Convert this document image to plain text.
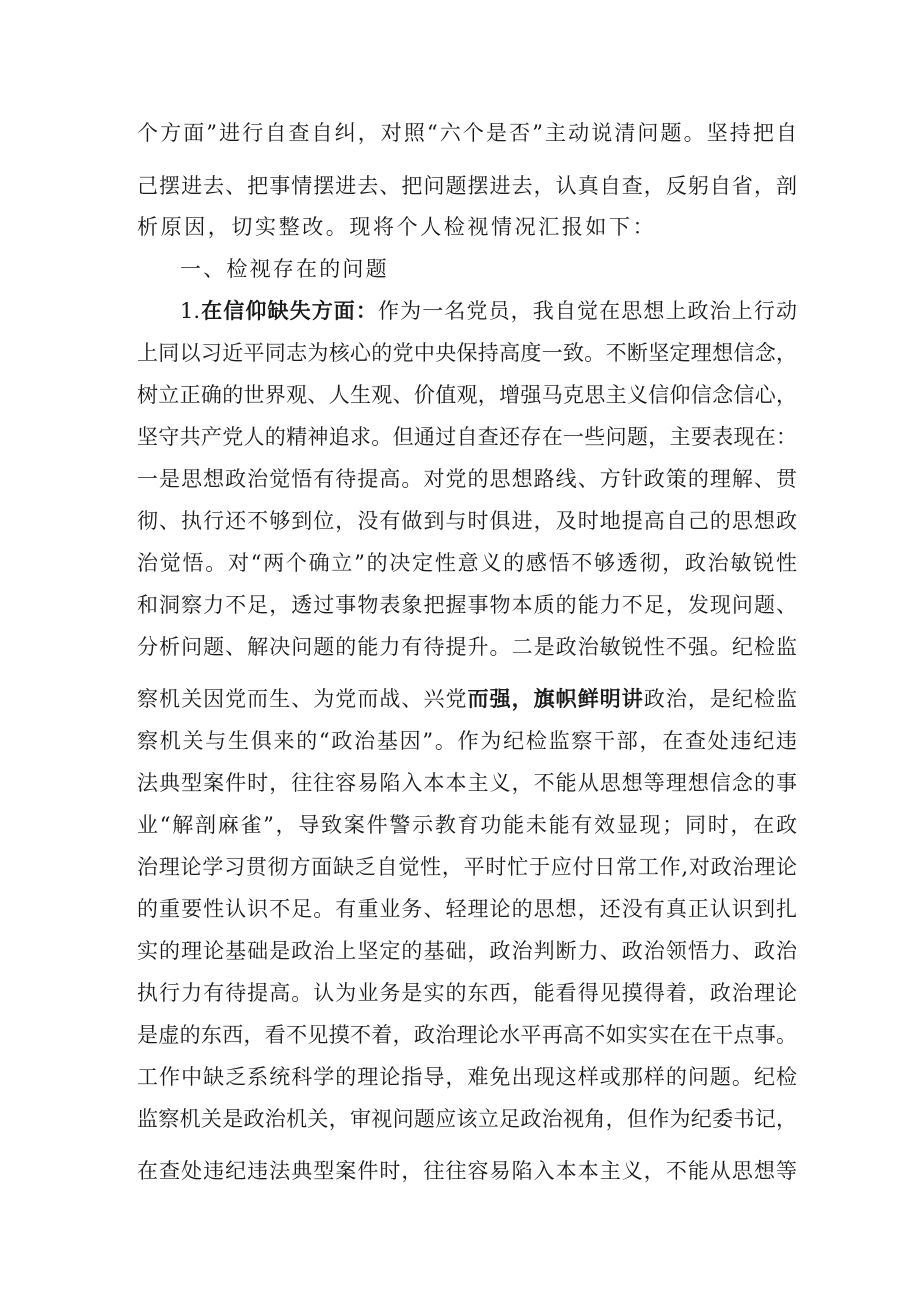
个方面”进行自查自纠，对照“六个是否”主动说清问题。坚持把自
己摆进去、把事情摆进去、把问题摆进去，认真自查，反躬自省，剖
析原因，切实整改。现将个人检视情况汇报如下：
一、检视存在的问题
1.在信仰缺失方面：作为一名党员，我自觉在思想上政治上行动
上同以习近平同志为核心的党中央保持高度一致。不断坚定理想信念，
树立正确的世界观、人生观、价值观，增强马克思主义信仰信念信心，
坚守共产党人的精神追求。但通过自查还存在一些问题，主要表现在：
一是思想政治觉悟有待提高。对党的思想路线、方针政策的理解、贯
彻、执行还不够到位，没有做到与时俱进，及时地提高自己的思想政
治觉悟。对“两个确立”的决定性意义的感悟不够透彻，政治敏锐性
和洞察力不足，透过事物表象把握事物本质的能力不足，发现问题、
分析问题、解决问题的能力有待提升。二是政治敏锐性不强。纪检监
察机关因党而生、为党而战、兴党而强，旗帜鲜明讲政治，是纪检监
察机关与生俱来的“政治基因”。作为纪检监察干部，在查处违纪违
法典型案件时，往往容易陷入本本主义，不能从思想等理想信念的事
业“解剖麻雀”，导致案件警示教育功能未能有效显现；同时，在政
治理论学习贯彻方面缺乏自觉性，平时忙于应付日常工作,对政治理论
的重要性认识不足。有重业务、轻理论的思想，还没有真正认识到扎
实的理论基础是政治上坚定的基础，政治判断力、政治领悟力、政治
执行力有待提高。认为业务是实的东西，能看得见摸得着，政治理论
是虚的东西，看不见摸不着，政治理论水平再高不如实实在在干点事。
工作中缺乏系统科学的理论指导，难免出现这样或那样的问题。纪检
监察机关是政治机关，审视问题应该立足政治视角，但作为纪委书记，
在查处违纪违法典型案件时，往往容易陷入本本主义，不能从思想等
